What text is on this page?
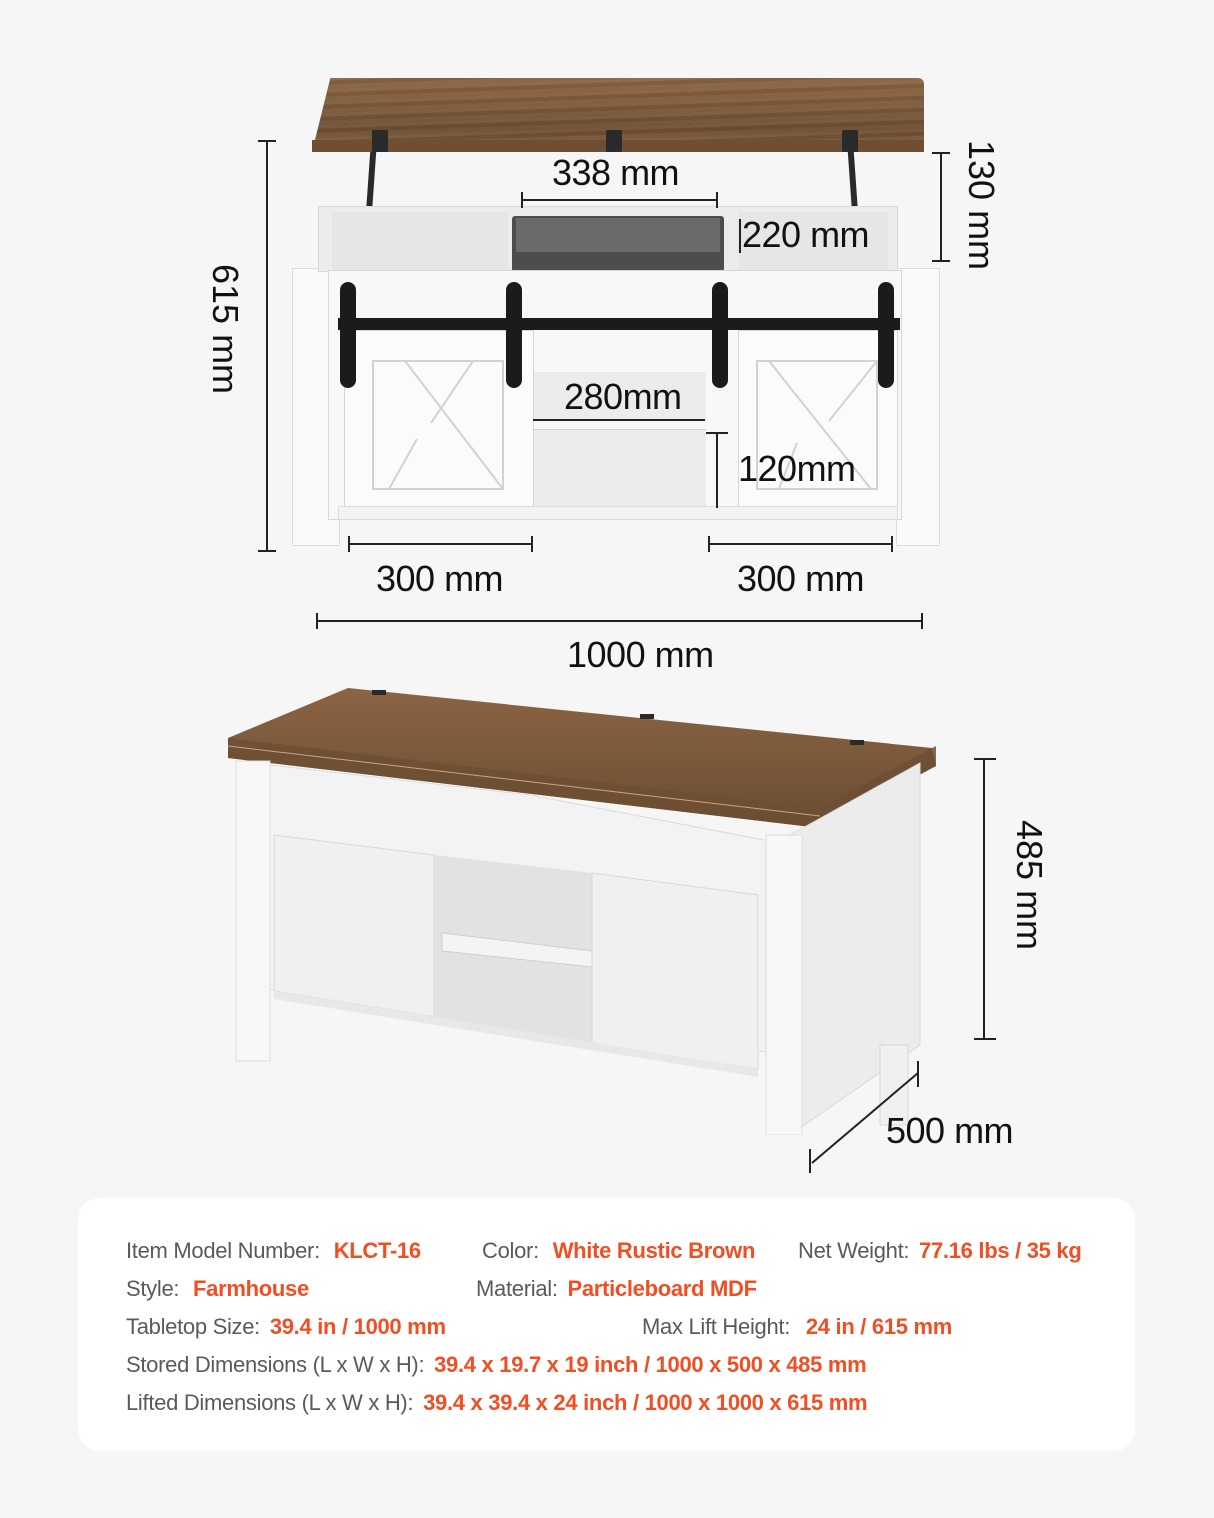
615 mm
130 mm
338 mm
220 mm
280mm
120mm
300 mm	300 mm
1000 mm
485 mm
500 mm
Item Model Number: KLCT-16	Color: White Rustic Brown Net Weight: 77.16 lbs / 35 kg
Style: Farmhouse	Material: Particleboard MDF
Tabletop Size: 39.4 in / 1000 mm	Max Lift Height: 24 in / 615 mm
Stored Dimensions (L x W x H): 39.4 x 19.7 x 19 inch / 1000 x 500 x 485 mm
Lifted Dimensions (L x W x H): 39.4 x 39.4 x 24 inch / 1000 x 1000 x 615 mm
